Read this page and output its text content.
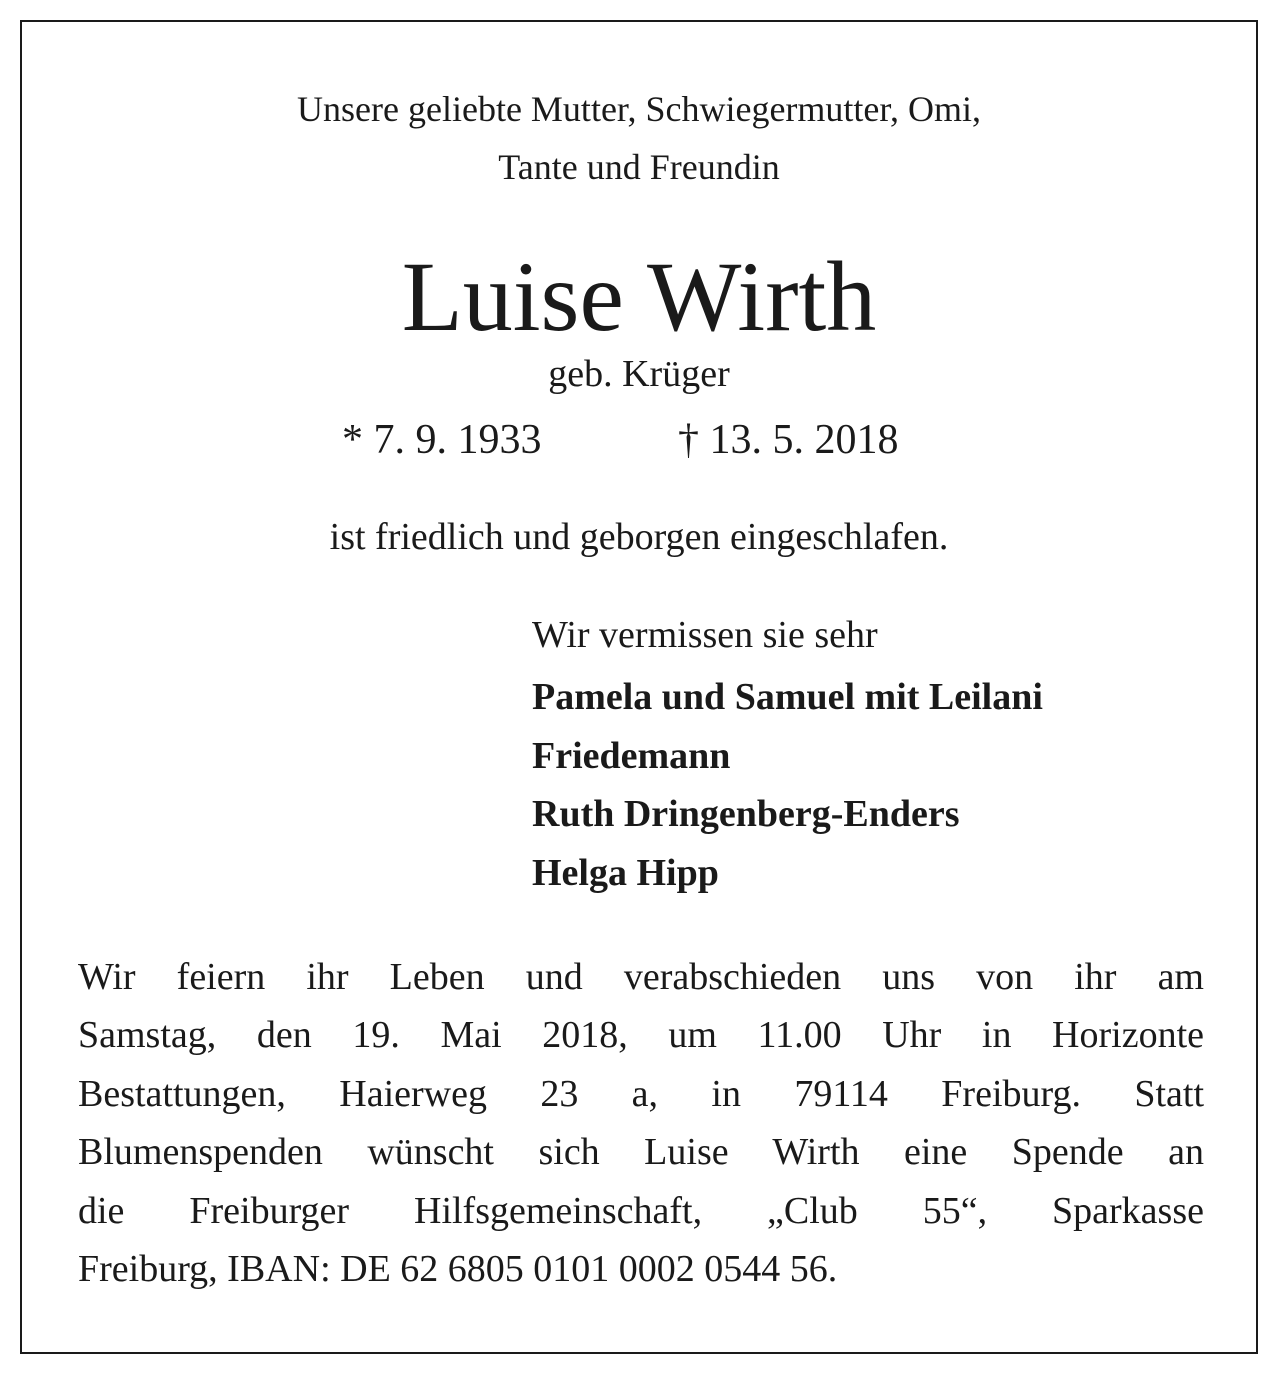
Unsere geliebte Mutter, Schwiegermutter, Omi,
Tante und Freundin
Luise Wirth
geb. Krüger
* 7. 9. 1933	† 13. 5. 2018
ist friedlich und geborgen eingeschlafen.
Wir vermissen sie sehr
Pamela und Samuel mit Leilani
Friedemann
Ruth Dringenberg-Enders
Helga Hipp
Wir feiern ihr Leben und verabschieden uns von ihr am
Samstag, den 19. Mai 2018, um 11.00 Uhr in Horizonte
Bestattungen, Haierweg 23 a, in 79114 Freiburg. Statt
Blumenspenden wünscht sich Luise Wirth eine Spende an
die Freiburger Hilfsgemeinschaft, „Club 55“, Sparkasse
Freiburg, IBAN: DE 62 6805 0101 0002 0544 56.
